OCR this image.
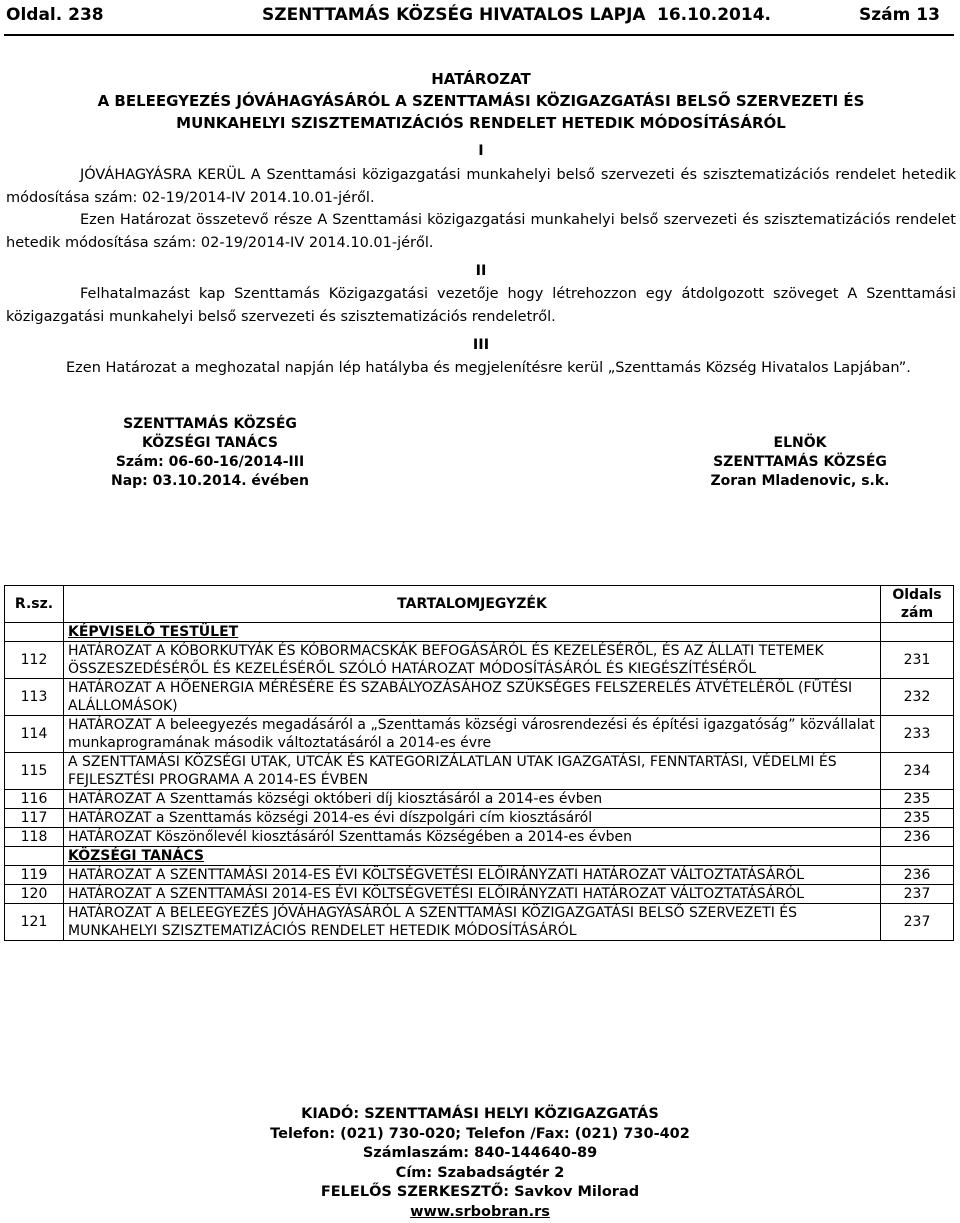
Oldal. 238	SZENTTAMÁS KÖZSÉG HIVATALOS LAPJA 16.10.2014.	Szám 13
HATÁROZAT
A BELEEGYEZÉS JÓVÁHAGYÁSÁRÓL A SZENTTAMÁSI KÖZIGAZGATÁSI BELSŐ SZERVEZETI ÉS
MUNKAHELYI SZISZTEMATIZÁCIÓS RENDELET HETEDIK MÓDOSÍTÁSÁRÓL
I
JÓVÁHAGYÁSRA KERÜL A Szenttamási közigazgatási munkahelyi belső szervezeti és szisztematizációs rendelet hetedik módosítása szám: 02-19/2014-IV 2014.10.01-jéről.
Ezen Határozat összetevő része A Szenttamási közigazgatási munkahelyi belső szervezeti és szisztematizációs rendelet hetedik módosítása szám: 02-19/2014-IV 2014.10.01-jéről.
II
Felhatalmazást kap Szenttamás Közigazgatási vezetője hogy létrehozzon egy átdolgozott szöveget A Szenttamási közigazgatási munkahelyi belső szervezeti és szisztematizációs rendeletről.
III
Ezen Határozat a meghozatal napján lép hatályba és megjelenítésre kerül „Szenttamás Község Hivatalos Lapjában”.
SZENTTAMÁS KÖZSÉG
KÖZSÉGI TANÁCS
Szám: 06-60-16/2014-III
Nap: 03.10.2014. évében
ELNÖK
SZENTTAMÁS KÖZSÉG
Zoran Mladenovic, s.k.
R.sz.	TARTALOMJEGYZÉK	Oldals
zám
	KÉPVISELŐ TESTÜLET	
112	HATÁROZAT A KÓBORKUTYÁK ÉS KÓBORMACSKÁK BEFOGÁSÁRÓL ÉS KEZELÉSÉRŐL, ÉS AZ ÁLLATI TETEMEK ÖSSZESZEDÉSÉRŐL ÉS KEZELÉSÉRŐL SZÓLÓ HATÁROZAT MÓDOSÍTÁSÁRÓL ÉS KIEGÉSZÍTÉSÉRŐL	231
113	HATÁROZAT A HŐENERGIA MÉRÉSÉRE ÉS SZABÁLYOZÁSÁHOZ SZÜKSÉGES FELSZERELÉS ÁTVÉTELÉRŐL (FŰTÉSI ALÁLLOMÁSOK)	232
114	HATÁROZAT A beleegyezés megadásáról a „Szenttamás községi városrendezési és építési igazgatóság” közvállalat munkaprogramának második változtatásáról a 2014-es évre	233
115	A SZENTTAMÁSI KÖZSÉGI UTAK, UTCÁK ÉS KATEGORIZÁLATLAN UTAK IGAZGATÁSI, FENNTARTÁSI, VÉDELMI ÉS FEJLESZTÉSI PROGRAMA A 2014-ES ÉVBEN	234
116	HATÁROZAT A Szenttamás községi októberi díj kiosztásáról a 2014-es évben	235
117	HATÁROZAT a Szenttamás községi 2014-es évi díszpolgári cím kiosztásáról	235
118	HATÁROZAT Köszönőlevél kiosztásáról Szenttamás Községében a 2014-es évben	236
	KÖZSÉGI TANÁCS	
119	HATÁROZAT A SZENTTAMÁSI 2014-ES ÉVI KÖLTSÉGVETÉSI ELŐIRÁNYZATI HATÁROZAT VÁLTOZTATÁSÁRÓL	236
120	HATÁROZAT A SZENTTAMÁSI 2014-ES ÉVI KÖLTSÉGVETÉSI ELŐIRÁNYZATI HATÁROZAT VÁLTOZTATÁSÁRÓL	237
121	HATÁROZAT A BELEEGYEZÉS JÓVÁHAGYÁSÁRÓL A SZENTTAMÁSI KÖZIGAZGATÁSI BELSŐ SZERVEZETI ÉS MUNKAHELYI SZISZTEMATIZÁCIÓS RENDELET HETEDIK MÓDOSÍTÁSÁRÓL	237
KIADÓ: SZENTTAMÁSI HELYI KÖZIGAZGATÁS
Telefon: (021) 730-020; Telefon /Fax: (021) 730-402
Számlaszám: 840-144640-89
Cím: Szabadságtér 2
FELELŐS SZERKESZTŐ: Savkov Milorad
www.srbobran.rs
